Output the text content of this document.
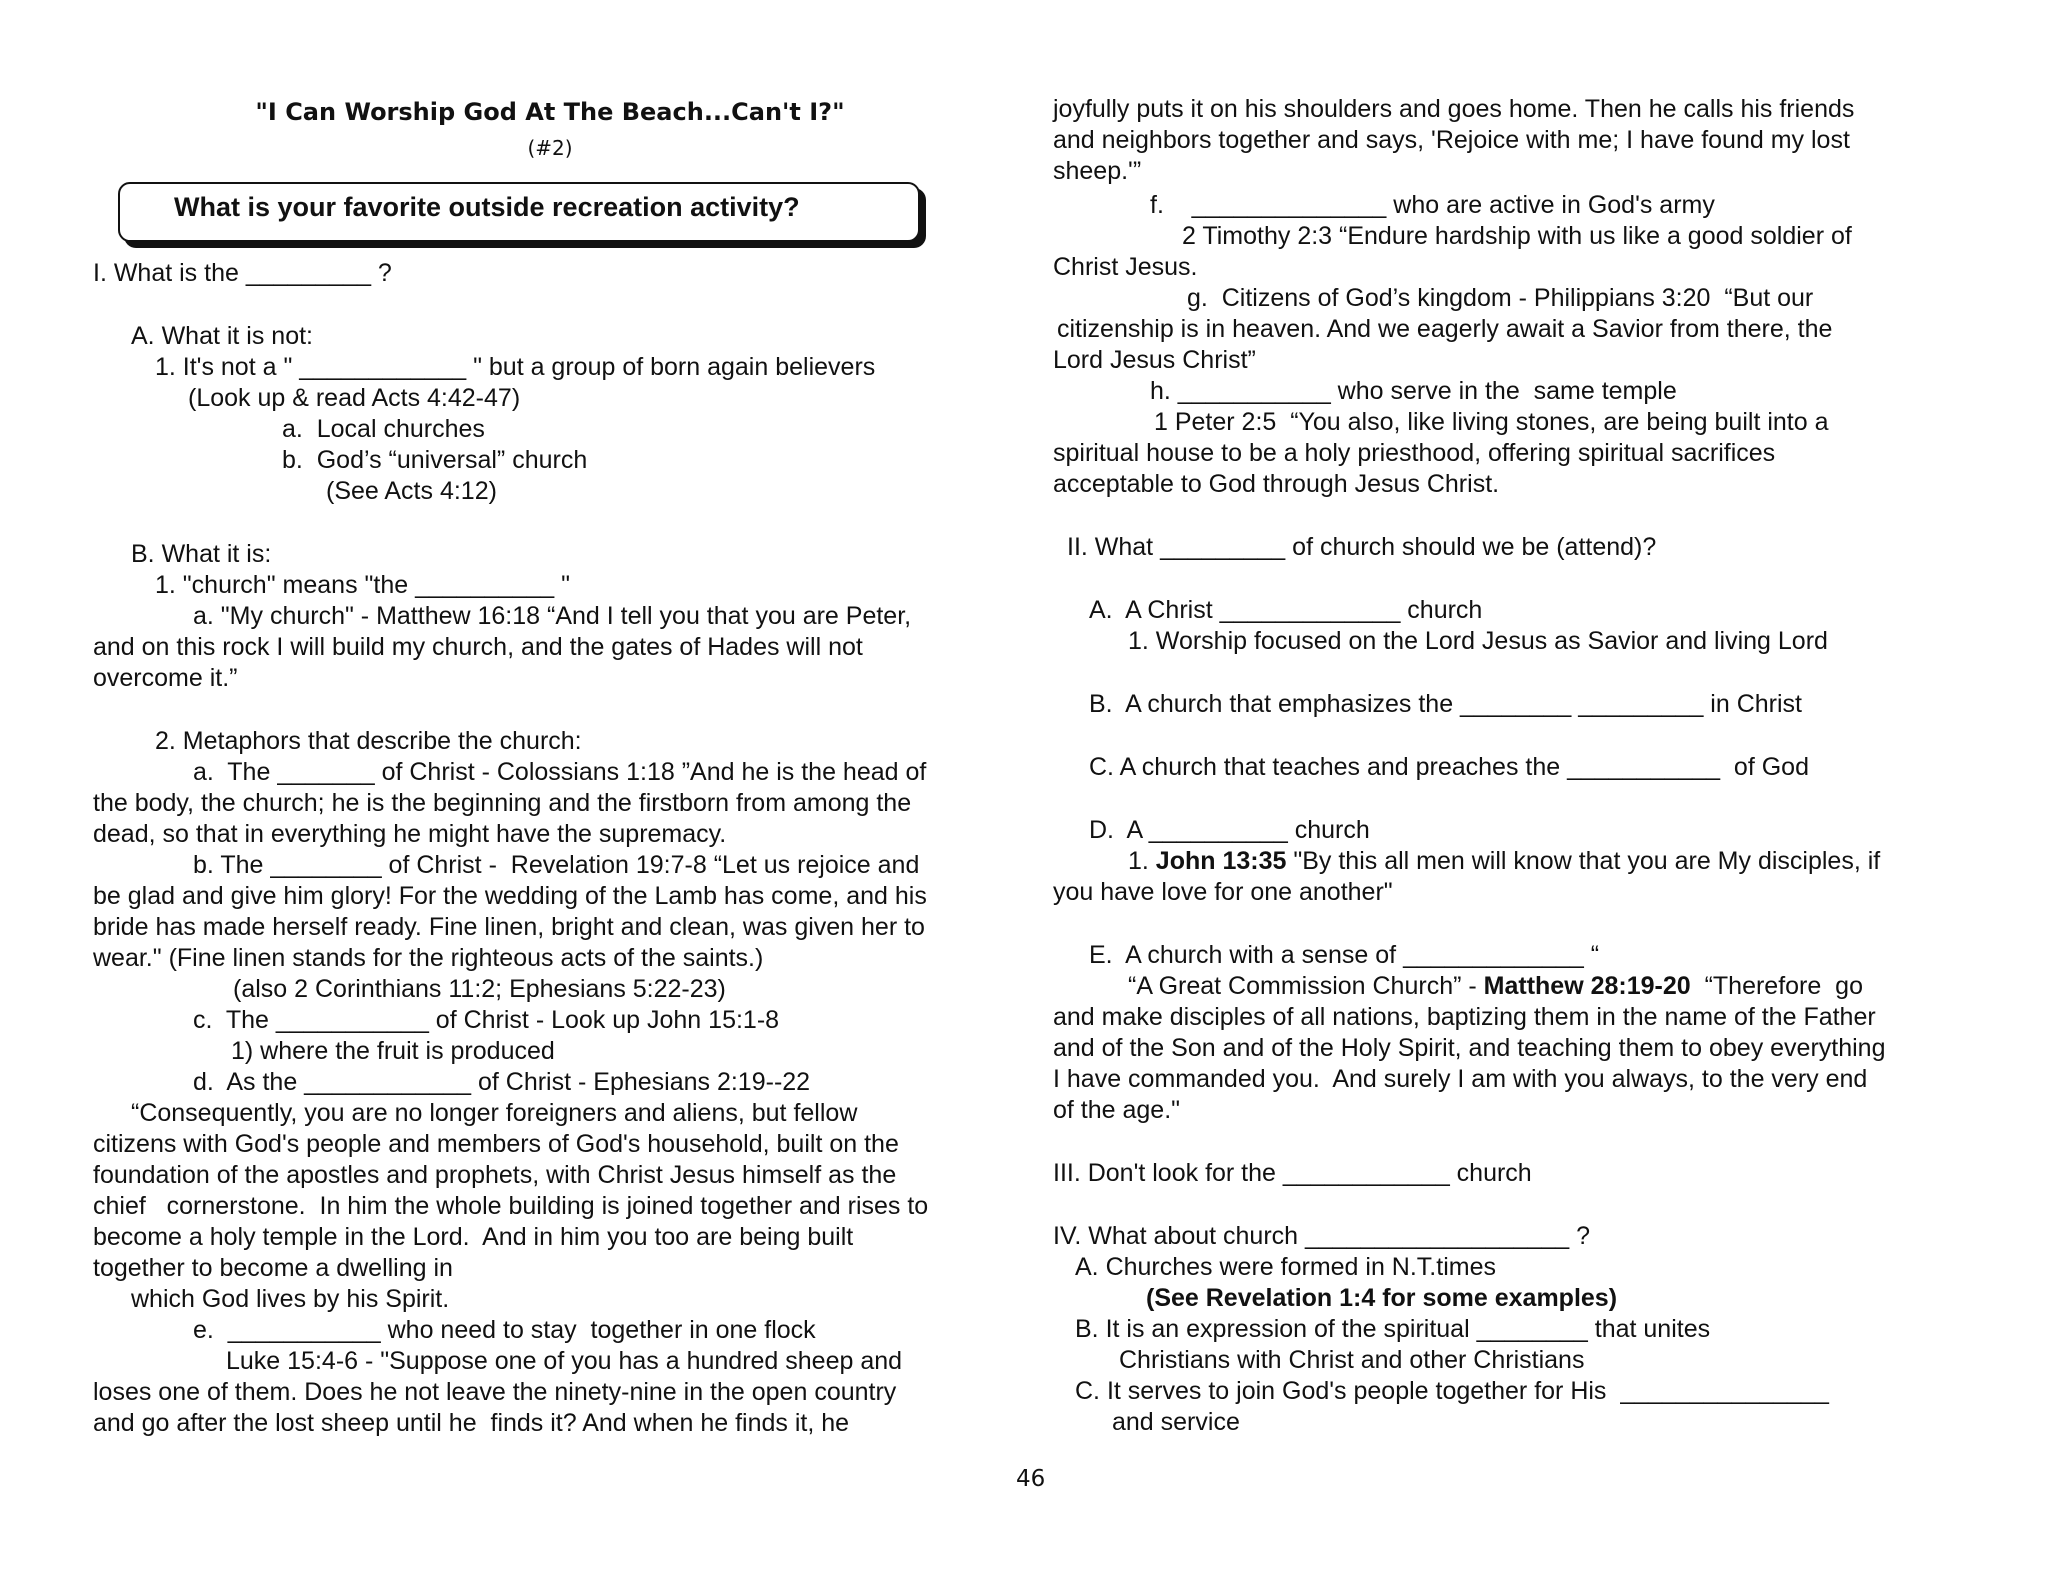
"I Can Worship God At The Beach...Can't I?"
(#2)
What is your favorite outside recreation activity?
I. What is the _________ ?
A. What it is not:
1. It's not a " ____________ " but a group of born again believers
(Look up & read Acts 4:42-47)
a.  Local churches
b.  God’s “universal” church
(See Acts 4:12)
B. What it is:
1. "church" means "the __________ "
a. "My church" - Matthew 16:18 “And I tell you that you are Peter,
and on this rock I will build my church, and the gates of Hades will not
overcome it.”
2. Metaphors that describe the church:
a.  The _______ of Christ - Colossians 1:18 ”And he is the head of
the body, the church; he is the beginning and the firstborn from among the
dead, so that in everything he might have the supremacy.
b. The ________ of Christ -  Revelation 19:7-8 “Let us rejoice and
be glad and give him glory! For the wedding of the Lamb has come, and his
bride has made herself ready. Fine linen, bright and clean, was given her to
wear." (Fine linen stands for the righteous acts of the saints.)
(also 2 Corinthians 11:2; Ephesians 5:22-23)
c.  The ___________ of Christ - Look up John 15:1-8
1) where the fruit is produced
d.  As the ____________ of Christ - Ephesians 2:19--22
“Consequently, you are no longer foreigners and aliens, but fellow
citizens with God's people and members of God's household, built on the
foundation of the apostles and prophets, with Christ Jesus himself as the
chief   cornerstone.  In him the whole building is joined together and rises to
become a holy temple in the Lord.  And in him you too are being built
together to become a dwelling in
which God lives by his Spirit.
e.  ___________ who need to stay  together in one flock
Luke 15:4-6 - "Suppose one of you has a hundred sheep and
loses one of them. Does he not leave the ninety-nine in the open country
and go after the lost sheep until he  finds it? And when he finds it, he
joyfully puts it on his shoulders and goes home. Then he calls his friends
and neighbors together and says, 'Rejoice with me; I have found my lost
sheep.'”
f.    ______________ who are active in God's army
2 Timothy 2:3 “Endure hardship with us like a good soldier of
Christ Jesus.
g.  Citizens of God’s kingdom - Philippians 3:20  “But our
citizenship is in heaven. And we eagerly await a Savior from there, the
Lord Jesus Christ”
h. ___________ who serve in the  same temple
1 Peter 2:5  “You also, like living stones, are being built into a
spiritual house to be a holy priesthood, offering spiritual sacrifices
acceptable to God through Jesus Christ.
II. What _________ of church should we be (attend)?
A.  A Christ _____________ church
1. Worship focused on the Lord Jesus as Savior and living Lord
B.  A church that emphasizes the ________ _________ in Christ
C. A church that teaches and preaches the ___________  of God
D.  A __________ church
1. John 13:35 "By this all men will know that you are My disciples, if
you have love for one another"
E.  A church with a sense of _____________ “
“A Great Commission Church” - Matthew 28:19-20  “Therefore  go
and make disciples of all nations, baptizing them in the name of the Father
and of the Son and of the Holy Spirit, and teaching them to obey everything
I have commanded you.  And surely I am with you always, to the very end
of the age."
III. Don't look for the ____________ church
IV. What about church ___________________ ?
A. Churches were formed in N.T.times
(See Revelation 1:4 for some examples)
B. It is an expression of the spiritual ________ that unites
Christians with Christ and other Christians
C. It serves to join God's people together for His  _______________
and service
46
